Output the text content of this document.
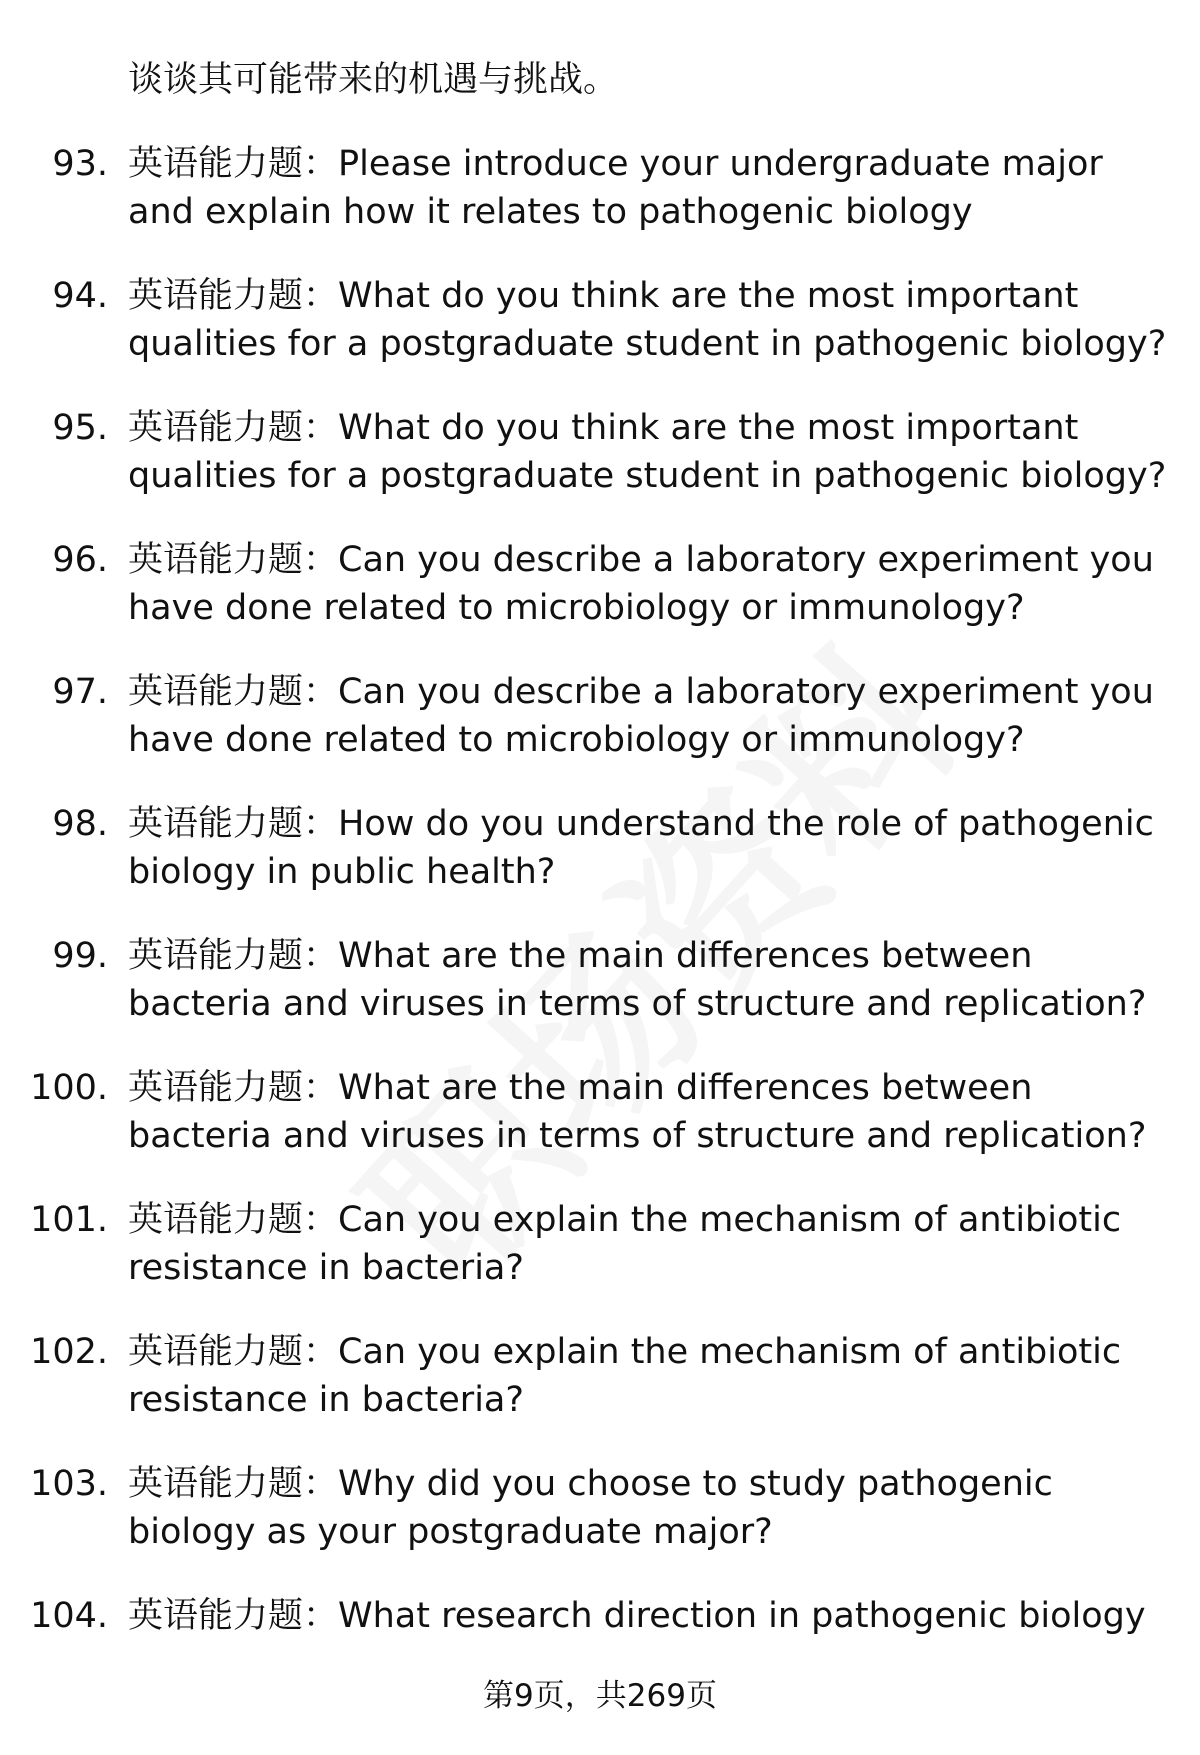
谈谈其可能带来的机遇与挑战。

93. 英语能力题：Please introduce your undergraduate major and explain how it relates to pathogenic biology
94. 英语能力题：What do you think are the most important qualities for a postgraduate student in pathogenic biology?
95. 英语能力题：What do you think are the most important qualities for a postgraduate student in pathogenic biology?
96. 英语能力题：Can you describe a laboratory experiment you have done related to microbiology or immunology?
97. 英语能力题：Can you describe a laboratory experiment you have done related to microbiology or immunology?
98. 英语能力题：How do you understand the role of pathogenic biology in public health?
99. 英语能力题：What are the main differences between bacteria and viruses in terms of structure and replication?
100. 英语能力题：What are the main differences between bacteria and viruses in terms of structure and replication?
101. 英语能力题：Can you explain the mechanism of antibiotic resistance in bacteria?
102. 英语能力题：Can you explain the mechanism of antibiotic resistance in bacteria?
103. 英语能力题：Why did you choose to study pathogenic biology as your postgraduate major?
104. 英语能力题：What research direction in pathogenic biology
第9页，共269页
